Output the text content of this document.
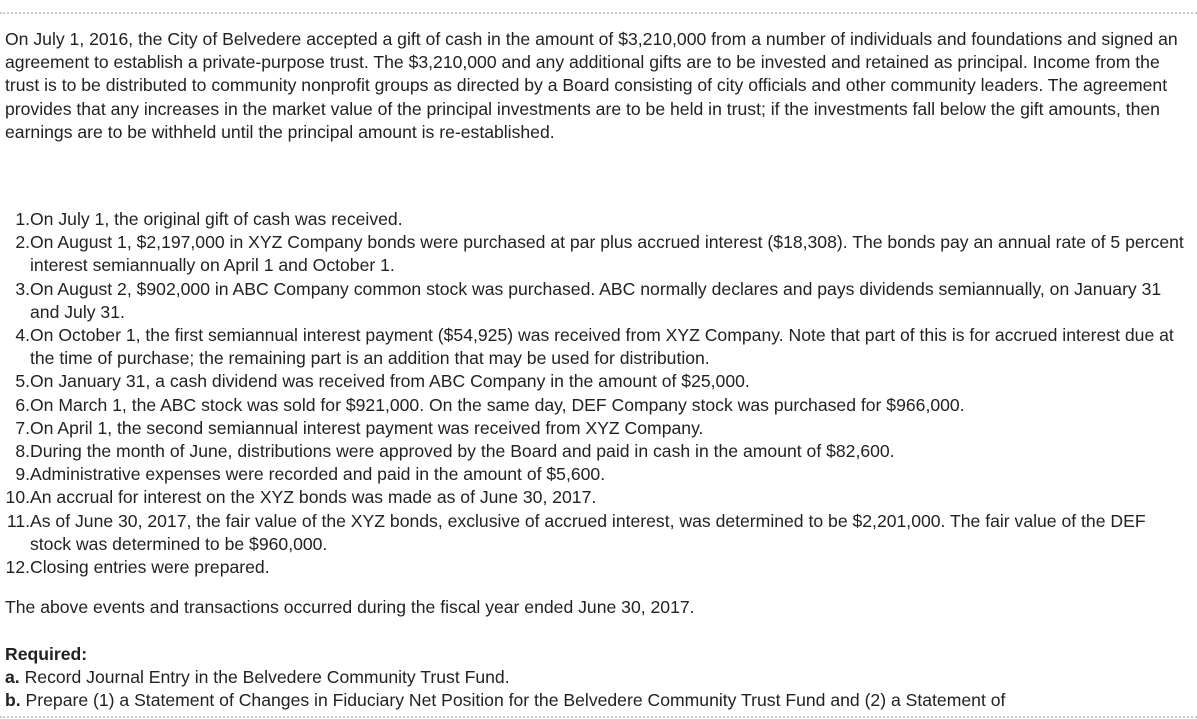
On July 1, 2016, the City of Belvedere accepted a gift of cash in the amount of $3,210,000 from a number of individuals and foundations and signed an agreement to establish a private-purpose trust. The $3,210,000 and any additional gifts are to be invested and retained as principal. Income from the trust is to be distributed to community nonprofit groups as directed by a Board consisting of city officials and other community leaders. The agreement provides that any increases in the market value of the principal investments are to be held in trust; if the investments fall below the gift amounts, then earnings are to be withheld until the principal amount is re-established.

1. On July 1, the original gift of cash was received.
2. On August 1, $2,197,000 in XYZ Company bonds were purchased at par plus accrued interest ($18,308). The bonds pay an annual rate of 5 percent interest semiannually on April 1 and October 1.
3. On August 2, $902,000 in ABC Company common stock was purchased. ABC normally declares and pays dividends semiannually, on January 31 and July 31.
4. On October 1, the first semiannual interest payment ($54,925) was received from XYZ Company. Note that part of this is for accrued interest due at the time of purchase; the remaining part is an addition that may be used for distribution.
5. On January 31, a cash dividend was received from ABC Company in the amount of $25,000.
6. On March 1, the ABC stock was sold for $921,000. On the same day, DEF Company stock was purchased for $966,000.
7. On April 1, the second semiannual interest payment was received from XYZ Company.
8. During the month of June, distributions were approved by the Board and paid in cash in the amount of $82,600.
9. Administrative expenses were recorded and paid in the amount of $5,600.
10. An accrual for interest on the XYZ bonds was made as of June 30, 2017.
11. As of June 30, 2017, the fair value of the XYZ bonds, exclusive of accrued interest, was determined to be $2,201,000. The fair value of the DEF stock was determined to be $960,000.
12. Closing entries were prepared.

The above events and transactions occurred during the fiscal year ended June 30, 2017.

Required:

a. Record Journal Entry in the Belvedere Community Trust Fund.

b. Prepare (1) a Statement of Changes in Fiduciary Net Position for the Belvedere Community Trust Fund and (2) a Statement of
